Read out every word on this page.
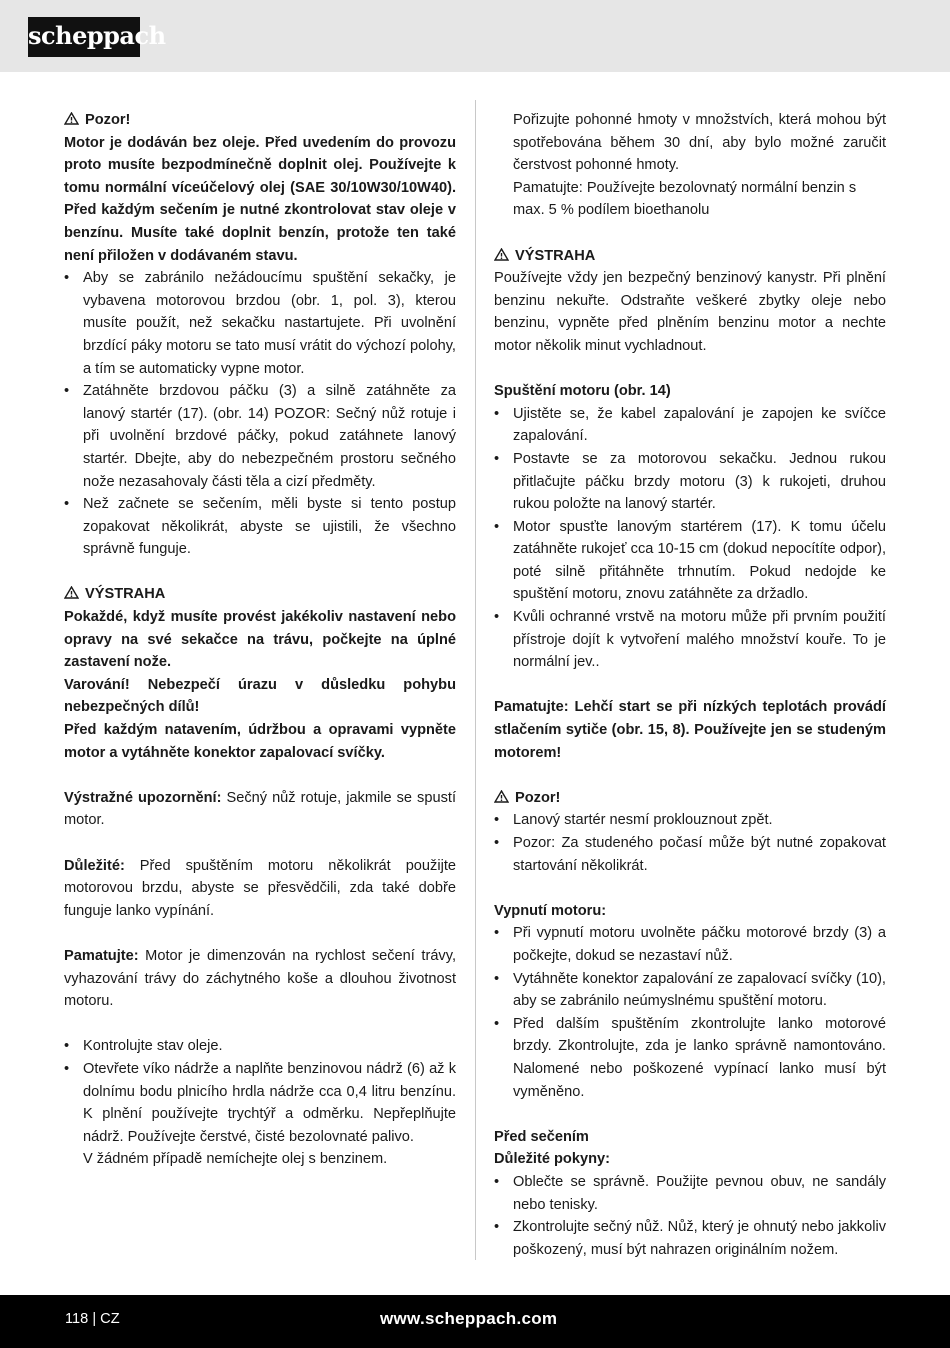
scheppach

Pozor!

Motor je dodáván bez oleje. Před uvedením do provozu proto musíte bezpodmínečně doplnit olej. Používejte k tomu normální víceúčelový olej (SAE 30/10W30/10W40). Před každým sečením je nutné zkontrolovat stav oleje v benzínu. Musíte také doplnit benzín, protože ten také není přiložen v dodávaném stavu.

• Aby se zabránilo nežádoucímu spuštění sekačky, je vybavena motorovou brzdou (obr. 1, pol. 3), kterou musíte použít, než sekačku nastartujete. Při uvolnění brzdící páky motoru se tato musí vrátit do výchozí polohy, a tím se automaticky vypne motor.
• Zatáhněte brzdovou páčku (3) a silně zatáhněte za lanový startér (17). (obr. 14) POZOR: Sečný nůž rotuje i při uvolnění brzdové páčky, pokud zatáhnete lanový startér. Dbejte, aby do nebezpečném prostoru sečného nože nezasahovaly části těla a cizí předměty.
• Než začnete se sečením, měli byste si tento postup zopakovat několikrát, abyste se ujistili, že všechno správně funguje.

VÝSTRAHA

Pokaždé, když musíte provést jakékoliv nastavení nebo opravy na své sekačce na trávu, počkejte na úplné zastavení nože.

Varování! Nebezpečí úrazu v důsledku pohybu nebezpečných dílů!

Před každým natavením, údržbou a opravami vypněte motor a vytáhněte konektor zapalovací svíčky.

Výstražné upozornění: Sečný nůž rotuje, jakmile se spustí motor.

Důležité: Před spuštěním motoru několikrát použijte motorovou brzdu, abyste se přesvědčili, zda také dobře funguje lanko vypínání.

Pamatujte: Motor je dimenzován na rychlost sečení trávy, vyhazování trávy do záchytného koše a dlouhou životnost motoru.

• Kontrolujte stav oleje.
• Otevřete víko nádrže a naplňte benzinovou nádrž (6) až k dolnímu bodu plnicího hrdla nádrže cca 0,4 litru benzínu. K plnění používejte trychtýř a odměrku. Nepřeplňujte nádrž. Používejte čerstvé, čisté bezolovnaté palivo.

V žádném případě nemíchejte olej s benzinem.

Pořizujte pohonné hmoty v množstvích, která mohou být spotřebována během 30 dní, aby bylo možné zaručit čerstvost pohonné hmoty.

Pamatujte: Používejte bezolovnatý normální benzin s max. 5 % podílem bioethanolu

VÝSTRAHA

Používejte vždy jen bezpečný benzinový kanystr. Při plnění benzinu nekuřte. Odstraňte veškeré zbytky oleje nebo benzinu, vypněte před plněním benzinu motor a nechte motor několik minut vychladnout.

Spuštění motoru (obr. 14)

• Ujistěte se, že kabel zapalování je zapojen ke svíčce zapalování.
• Postavte se za motorovou sekačku. Jednou rukou přitlačujte páčku brzdy motoru (3) k rukojeti, druhou rukou položte na lanový startér.
• Motor spusťte lanovým startérem (17). K tomu účelu zatáhněte rukojeť cca 10-15 cm (dokud nepocítíte odpor), poté silně přitáhněte trhnutím. Pokud nedojde ke spuštění motoru, znovu zatáhněte za držadlo.
• Kvůli ochranné vrstvě na motoru může při prvním použití přístroje dojít k vytvoření malého množství kouře. To je normální jev..

Pamatujte: Lehčí start se při nízkých teplotách provádí stlačením sytiče (obr. 15, 8). Používejte jen se studeným motorem!

Pozor!

• Lanový startér nesmí proklouznout zpět.
• Pozor: Za studeného počasí může být nutné zopakovat startování několikrát.

Vypnutí motoru:

• Při vypnutí motoru uvolněte páčku motorové brzdy (3) a počkejte, dokud se nezastaví nůž.
• Vytáhněte konektor zapalování ze zapalovací svíčky (10), aby se zabránilo neúmyslnému spuštění motoru.
• Před dalším spuštěním zkontrolujte lanko motorové brzdy. Zkontrolujte, zda je lanko správně namontováno. Nalomené nebo poškozené vypínací lanko musí být vyměněno.

Před sečením

Důležité pokyny:

• Oblečte se správně. Použijte pevnou obuv, ne sandály nebo tenisky.
• Zkontrolujte sečný nůž. Nůž, který je ohnutý nebo jakkoliv poškozený, musí být nahrazen originálním nožem.
118 | CZ	www.scheppach.com
